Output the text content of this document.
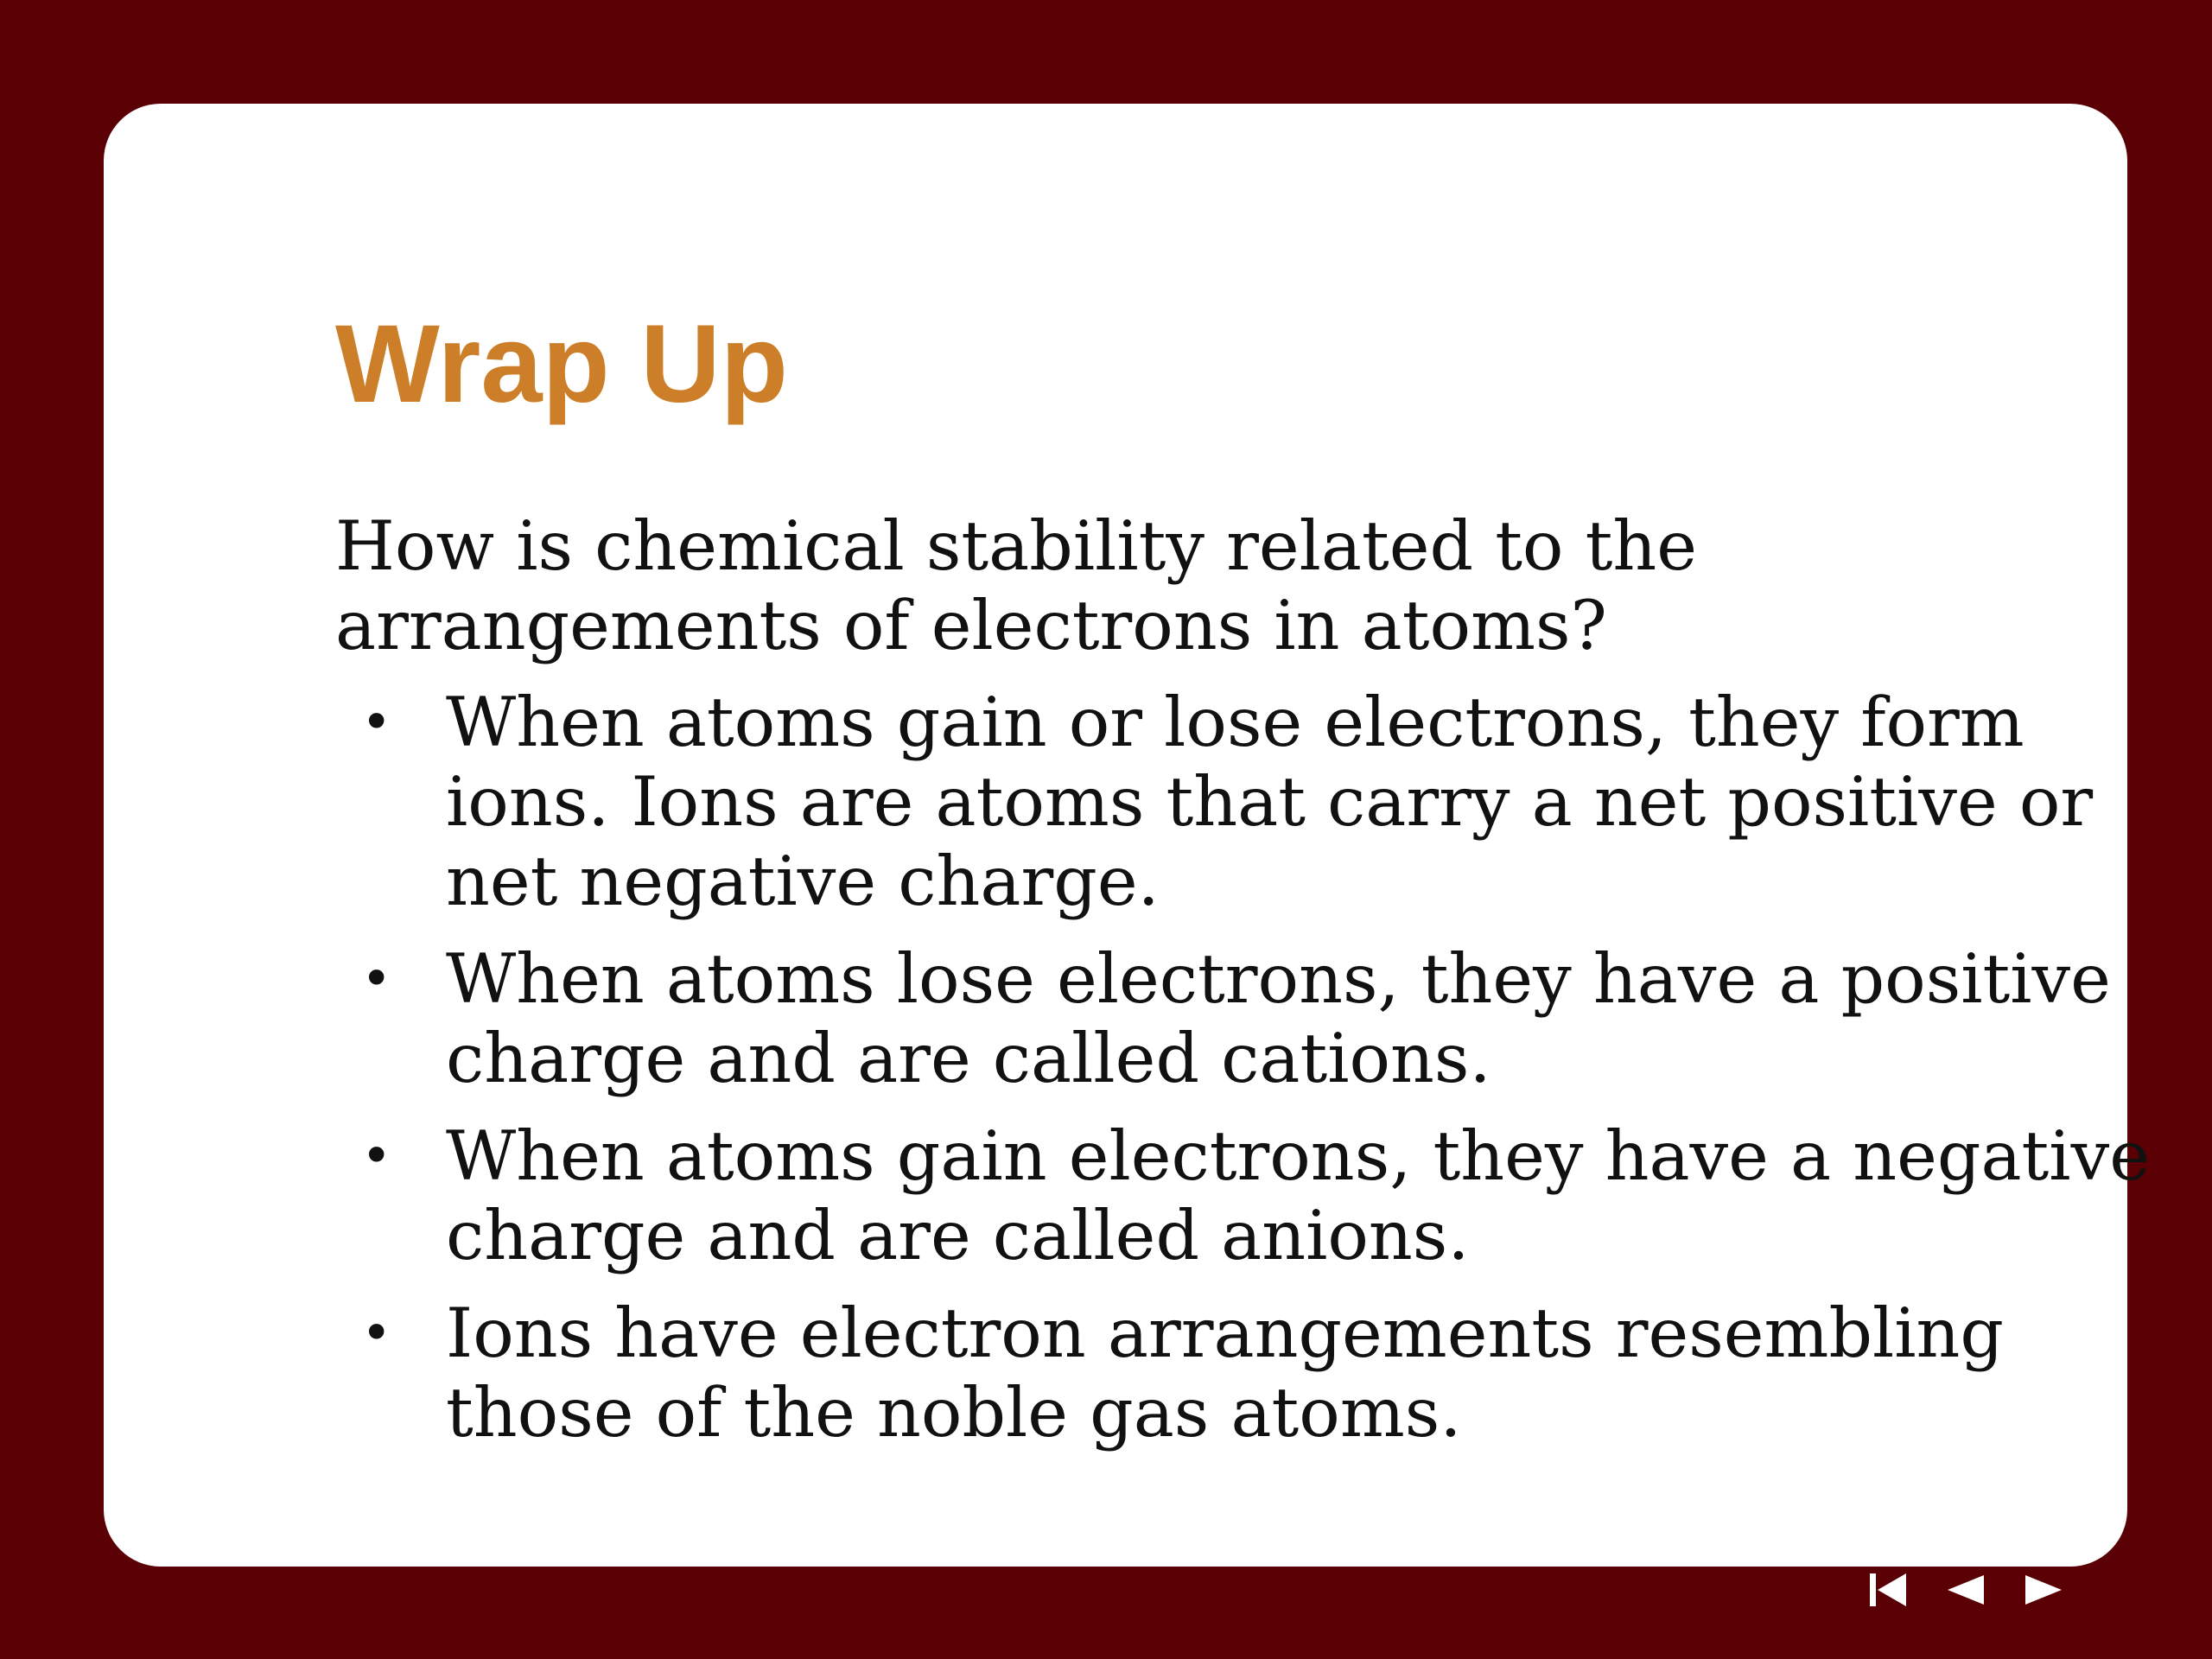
Wrap Up

How is chemical stability related to the
arrangements of electrons in atoms?

• When atoms gain or lose electrons, they form
ions. Ions are atoms that carry a net positive or
net negative charge.
• When atoms lose electrons, they have a positive
charge and are called cations.
• When atoms gain electrons, they have a negative
charge and are called anions.
• Ions have electron arrangements resembling
those of the noble gas atoms.
